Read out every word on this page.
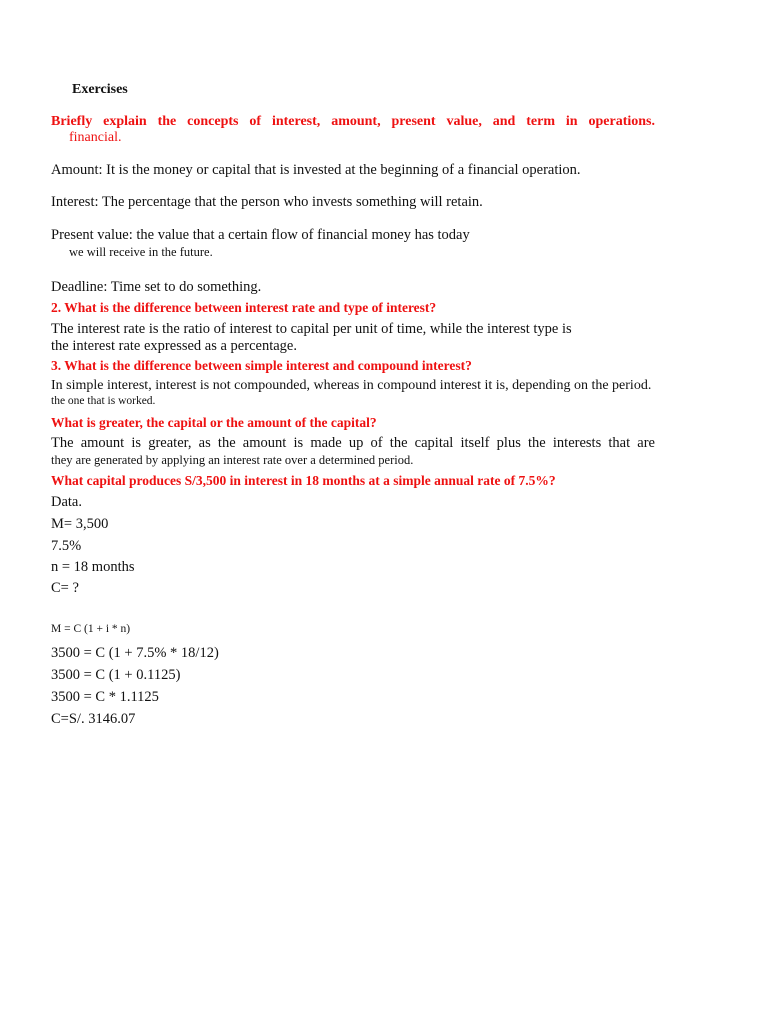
Exercises
Briefly explain the concepts of interest, amount, present value, and term in operations.
financial.
Amount: It is the money or capital that is invested at the beginning of a financial operation.
Interest: The percentage that the person who invests something will retain.
Present value: the value that a certain flow of financial money has today
we will receive in the future.
Deadline: Time set to do something.
2. What is the difference between interest rate and type of interest?
The interest rate is the ratio of interest to capital per unit of time, while the interest type is
the interest rate expressed as a percentage.
3. What is the difference between simple interest and compound interest?
In simple interest, interest is not compounded, whereas in compound interest it is, depending on the period.
the one that is worked.
What is greater, the capital or the amount of the capital?
The amount is greater, as the amount is made up of the capital itself plus the interests that are
they are generated by applying an interest rate over a determined period.
What capital produces S/3,500 in interest in 18 months at a simple annual rate of 7.5%?
Data.
M= 3,500
7.5%
n = 18 months
C= ?
M = C (1 + i * n)
3500 = C (1 + 7.5% * 18/12)
3500 = C (1 + 0.1125)
3500 = C * 1.1125
C=S/. 3146.07
